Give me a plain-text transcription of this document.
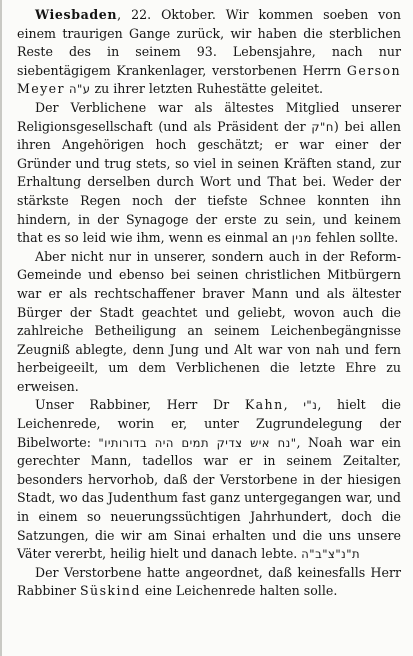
Wiesbaden, 22. Oktober. Wir kommen soeben von einem traurigen Gange zurück, wir haben die sterblichen Reste des in seinem 93. Lebensjahre, nach nur siebentägigem Krankenlager, verstorbenen Herrn Gerson Meyer ע"ה zu ihrer letzten Ruhestätte geleitet.

Der Verblichene war als ältestes Mitglied unserer Religionsgesellschaft (und als Präsident der ח"ק) bei allen ihren Angehörigen hoch geschätzt; er war einer der Gründer und trug stets, so viel in seinen Kräften stand, zur Erhaltung derselben durch Wort und That bei. Weder der stärkste Regen noch der tiefste Schnee konnten ihn hindern, in der Synagoge der erste zu sein, und keinem that es so leid wie ihm, wenn es einmal an מנין fehlen sollte.

Aber nicht nur in unserer, sondern auch in der Reform-Gemeinde und ebenso bei seinen christlichen Mitbürgern war er als rechtschaffener braver Mann und als ältester Bürger der Stadt geachtet und geliebt, wovon auch die zahlreiche Betheiligung an seinem Leichenbegängnisse Zeugniß ablegte, denn Jung und Alt war von nah und fern herbeigeeilt, um dem Verblichenen die letzte Ehre zu erweisen.

Unser Rabbiner, Herr Dr Kahn, נ"י, hielt die Leichenrede, worin er, unter Zugrundelegung der Bibelworte: "נח איש צדיק תמים היה בדורותיו", Noah war ein gerechter Mann, tadellos war er in seinem Zeitalter, besonders hervorhob, daß der Verstorbene in der hiesigen Stadt, wo das Judenthum fast ganz untergegangen war, und in einem so neuerungssüchtigen Jahrhundert, doch die Satzungen, die wir am Sinai erhalten und die uns unsere Väter vererbt, heilig hielt und danach lebte. ת"נ"צ"ב"ה

Der Verstorbene hatte angeordnet, daß keinesfalls Herr Rabbiner Süskind eine Leichenrede halten solle.
